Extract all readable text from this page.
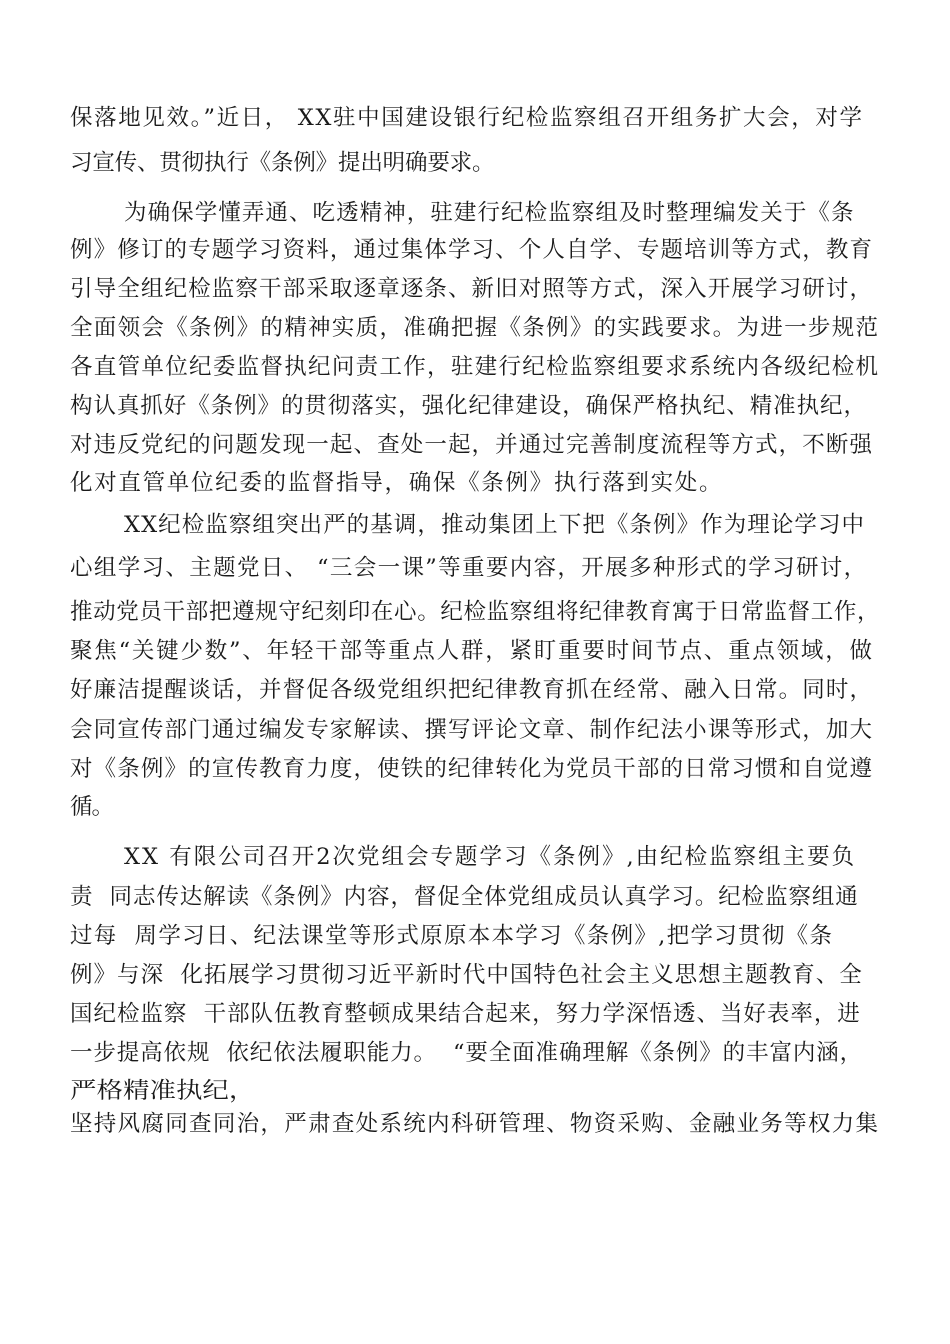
保落地见效。”近日， XX驻中国建设银行纪检监察组召开组务扩大会，对学
习宣传、贯彻执行《条例》提出明确要求。
为确保学懂弄通、吃透精神，驻建行纪检监察组及时整理编发关于《条
例》修订的专题学习资料，通过集体学习、个人自学、专题培训等方式，教育
引导全组纪检监察干部采取逐章逐条、新旧对照等方式，深入开展学习研讨，
全面领会《条例》的精神实质，准确把握《条例》的实践要求。为进一步规范
各直管单位纪委监督执纪问责工作，驻建行纪检监察组要求系统内各级纪检机
构认真抓好《条例》的贯彻落实，强化纪律建设，确保严格执纪、精准执纪，
对违反党纪的问题发现一起、查处一起，并通过完善制度流程等方式，不断强
化对直管单位纪委的监督指导，确保《条例》执行落到实处。
XX纪检监察组突出严的基调，推动集团上下把《条例》作为理论学习中
心组学习、主题党日、 “三会一课”等重要内容，开展多种形式的学习研讨，
推动党员干部把遵规守纪刻印在心。纪检监察组将纪律教育寓于日常监督工作，
聚焦“关键少数”、年轻干部等重点人群，紧盯重要时间节点、重点领域，做
好廉洁提醒谈话，并督促各级党组织把纪律教育抓在经常、融入日常。同时，
会同宣传部门通过编发专家解读、撰写评论文章、制作纪法小课等形式，加大
对《条例》的宣传教育力度，使铁的纪律转化为党员干部的日常习惯和自觉遵
循。
XX 有限公司召开2次党组会专题学习《条例》,由纪检监察组主要负
责  同志传达解读《条例》内容，督促全体党组成员认真学习。纪检监察组通
过每  周学习日、纪法课堂等形式原原本本学习《条例》,把学习贯彻《条
例》与深  化拓展学习贯彻习近平新时代中国特色社会主义思想主题教育、全
国纪检监察  干部队伍教育整顿成果结合起来，努力学深悟透、当好表率，进
一步提高依规  依纪依法履职能力。  “要全面准确理解《条例》的丰富内涵，
严格精准执纪，
坚持风腐同查同治，严肃查处系统内科研管理、物资采购、金融业务等权力集
